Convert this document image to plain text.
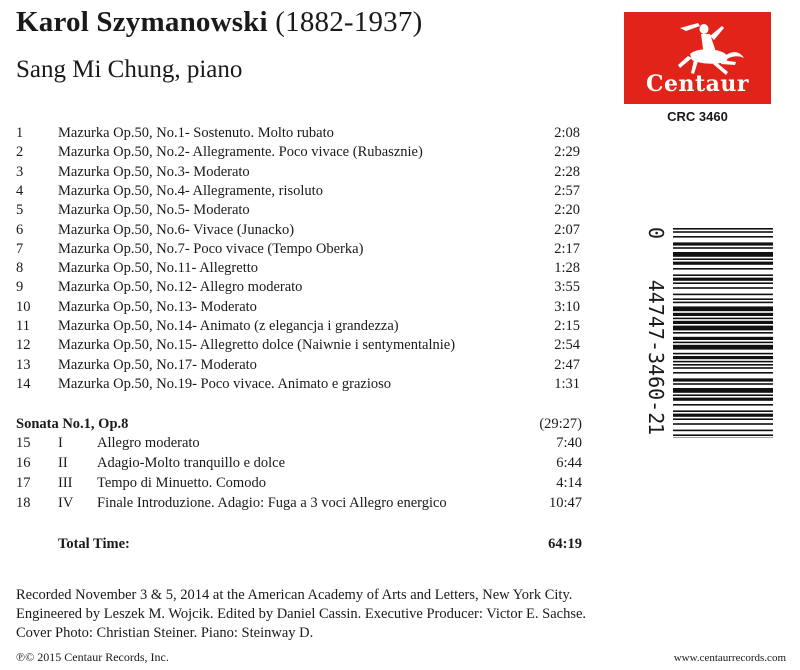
Karol Szymanowski (1882-1937)
Sang Mi Chung, piano
Centaur
CRC 3460
1 Mazurka Op.50, No.1- Sostenuto. Molto rubato	2:08
2 Mazurka Op.50, No.2- Allegramente. Poco vivace (Rubasznie)	2:29
3 Mazurka Op.50, No.3- Moderato	2:28
4 Mazurka Op.50, No.4- Allegramente, risoluto	2:57
5 Mazurka Op.50, No.5- Moderato	2:20
6 Mazurka Op.50, No.6- Vivace (Junacko)	2:07
7 Mazurka Op.50, No.7- Poco vivace (Tempo Oberka)	2:17
8 Mazurka Op.50, No.11- Allegretto	1:28
9 Mazurka Op.50, No.12- Allegro moderato	3:55
10 Mazurka Op.50, No.13- Moderato	3:10
11 Mazurka Op.50, No.14- Animato (z elegancja i grandezza)	2:15
12 Mazurka Op.50, No.15- Allegretto dolce (Naiwnie i sentymentalnie)	2:54
13 Mazurka Op.50, No.17- Moderato	2:47
14 Mazurka Op.50, No.19- Poco vivace. Animato e grazioso	1:31
Sonata No.1, Op.8	(29:27)
15 I Allegro moderato	7:40
16 II Adagio-Molto tranquillo e dolce	6:44
17 III Tempo di Minuetto. Comodo	4:14
18 IV Finale Introduzione. Adagio: Fuga a 3 voci Allegro energico	10:47
Total Time:	64:19
Recorded November 3 & 5, 2014 at the American Academy of Arts and Letters, New York City.
Engineered by Leszek M. Wojcik. Edited by Daniel Cassin. Executive Producer: Victor E. Sachse.
Cover Photo: Christian Steiner. Piano: Steinway D.
℗© 2015 Centaur Records, Inc.	www.centaurrecords.com
0
44747-3460-2
1
